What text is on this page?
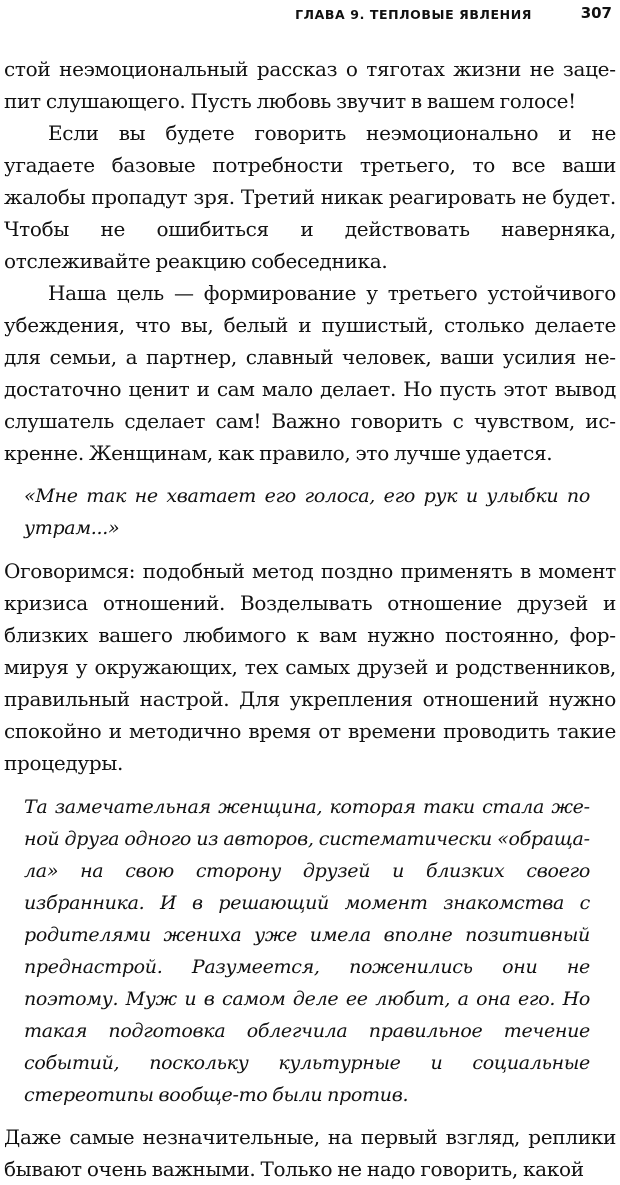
ГЛАВА 9. ТЕПЛОВЫЕ ЯВЛЕНИЯ	307

стой неэмоциональный рассказ о тяготах жизни не зацепит слушающего. Пусть любовь звучит в вашем голосе!

Если вы будете говорить неэмоционально и не угадаете базовые потребности третьего, то все ваши жалобы пропадут зря. Третий никак реагировать не будет. Чтобы не ошибиться и действовать наверняка, отслеживайте реакцию собеседника.

Наша цель — формирование у третьего устойчивого убеждения, что вы, белый и пушистый, столько делаете для семьи, а партнер, славный человек, ваши усилия недостаточно ценит и сам мало делает. Но пусть этот вывод слушатель сделает сам! Важно говорить с чувством, искренне. Женщинам, как правило, это лучше удается.

«Мне так не хватает его голоса, его рук и улыбки по утрам...»

Оговоримся: подобный метод поздно применять в момент кризиса отношений. Возделывать отношение друзей и близких вашего любимого к вам нужно постоянно, формируя у окружающих, тех самых друзей и родственников, правильный настрой. Для укрепления отношений нужно спокойно и методично время от времени проводить такие процедуры.

Та замечательная женщина, которая таки стала женой друга одного из авторов, систематически «обращала» на свою сторону друзей и близких своего избранника. И в решающий момент знакомства с родителями жениха уже имела вполне позитивный преднастрой. Разумеется, поженились они не поэтому. Муж и в самом деле ее любит, а она его. Но такая подготовка облегчила правильное течение событий, поскольку культурные и социальные стереотипы вообще-то были против.

Даже самые незначительные, на первый взгляд, реплики бывают очень важными. Только не надо говорить, какой
